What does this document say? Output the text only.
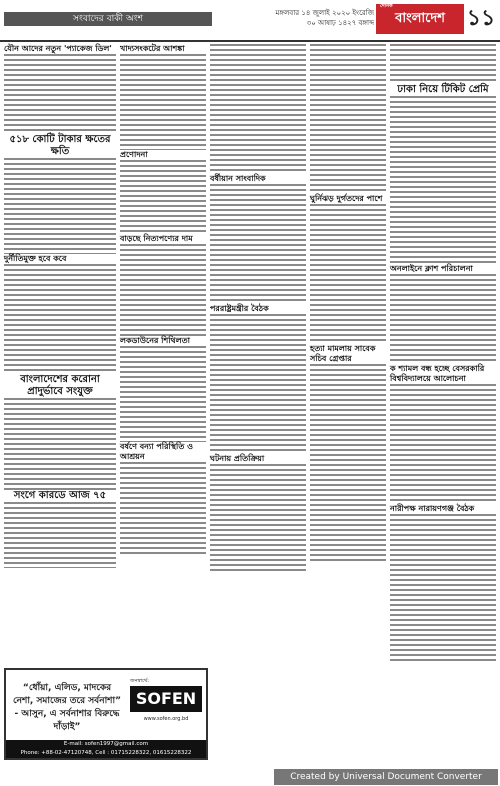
সংবাদের বাকী অংশ
মঙ্গলবার ১৪ জুলাই ২০২০ ইংরেজি
৩০ আষাঢ় ১৪২৭ বঙ্গাব্দ
দৈনিক
বাংলাদেশ ১১
যৌন আদের নতুন 'প্যাকেজ ডিল'
৫১৮ কোটি টাকার ক্ষতের ক্ষতি
দুর্নীতিমুক্ত হবে কবে
বাংলাদেশের করোনা প্রাদুর্ভাবে সংযুক্ত
সংগে কারডে আজ ৭৫
খাদ্যসংকটের আশঙ্কা
প্রণোদনা
বাড়ছে নিত্যপণ্যের দাম
লকডাউনের শিথিলতা
বর্ষণে বন্যা পরিস্থিতি ও আশ্রয়ন
বর্ষীয়ান সাংবাদিক
পররাষ্ট্রমন্ত্রীর বৈঠক
ঘটনায় প্রতিক্রিয়া
ঘুর্নিঝড় দুর্গতদের পাশে
হত্যা মামলায় সাবেক সচিব গ্রেপ্তার
ঢাকা নিয়ে টিকিট প্রেমি
অনলাইনে ক্লাশ পরিচালনা
ক শ্যামল বন্ধ হচ্ছে বেসরকারি বিশ্ববিদ্যালয়ে আলোচনা
নারীপক্ষ নারায়ণগঞ্জ বৈঠক
“ধোঁয়া, এলিড, মাদকের নেশা, সমাজের তরে সর্বনাশা” - আসুন, এ সর্বনাশার বিরুদ্ধে দাঁড়াই”
জনস্বার্থে:
SOFEN
www.sofen.org.bd
E-mail: sofen1997@gmail.com
Phone: +88-02-47120748, Cell : 01715228322, 01615228322
Created by Universal Document Converter
